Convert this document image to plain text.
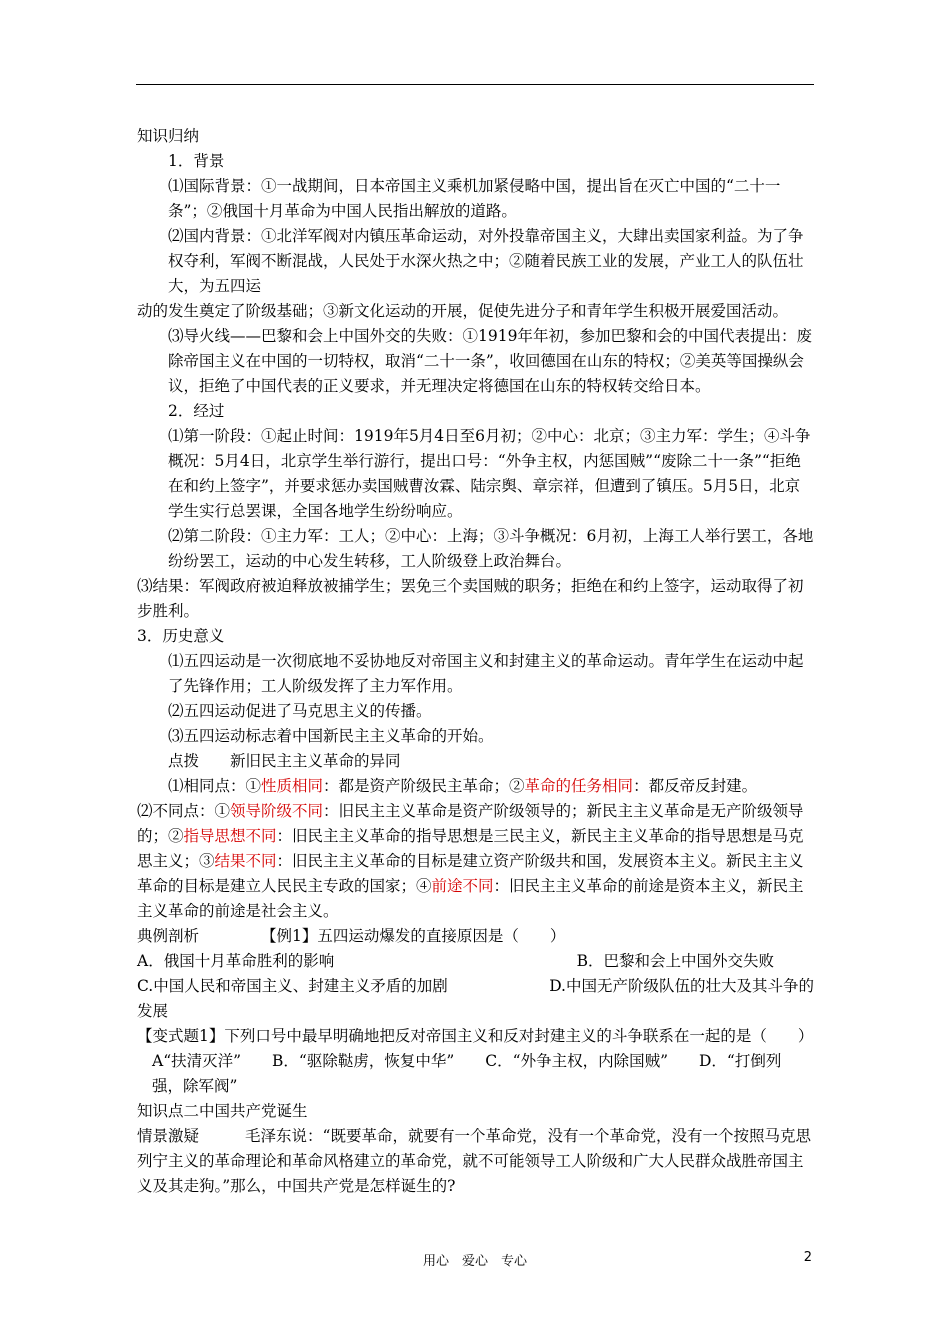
知识归纳

1．背景

⑴国际背景：①一战期间，日本帝国主义乘机加紧侵略中国，提出旨在灭亡中国的“二十一条”；②俄国十月革命为中国人民指出解放的道路。

⑵国内背景：①北洋军阀对内镇压革命运动，对外投靠帝国主义，大肆出卖国家利益。为了争权夺利，军阀不断混战，人民处于水深火热之中；②随着民族工业的发展，产业工人的队伍壮大，为五四运

动的发生奠定了阶级基础；③新文化运动的开展，促使先进分子和青年学生积极开展爱国活动。

⑶导火线——巴黎和会上中国外交的失败：①1919年年初，参加巴黎和会的中国代表提出：废除帝国主义在中国的一切特权，取消“二十一条”，收回德国在山东的特权；②美英等国操纵会议，拒绝了中国代表的正义要求，并无理决定将德国在山东的特权转交给日本。

2．经过

⑴第一阶段：①起止时间：1919年5月4日至6月初；②中心：北京；③主力军：学生；④斗争概况：5月4日，北京学生举行游行，提出口号：“外争主权，内惩国贼”“废除二十一条”“拒绝在和约上签字”，并要求惩办卖国贼曹汝霖、陆宗舆、章宗祥，但遭到了镇压。5月5日，北京学生实行总罢课，全国各地学生纷纷响应。

⑵第二阶段：①主力军：工人；②中心：上海；③斗争概况：6月初，上海工人举行罢工，各地纷纷罢工，运动的中心发生转移，工人阶级登上政治舞台。

⑶结果：军阀政府被迫释放被捕学生；罢免三个卖国贼的职务；拒绝在和约上签字，运动取得了初步胜利。

3．历史意义

⑴五四运动是一次彻底地不妥协地反对帝国主义和封建主义的革命运动。青年学生在运动中起了先锋作用；工人阶级发挥了主力军作用。

⑵五四运动促进了马克思主义的传播。

⑶五四运动标志着中国新民主主义革命的开始。

点拨 新旧民主主义革命的异同

⑴相同点：①性质相同：都是资产阶级民主革命；②革命的任务相同：都反帝反封建。

⑵不同点：①领导阶级不同：旧民主主义革命是资产阶级领导的；新民主主义革命是无产阶级领导的；②指导思想不同：旧民主主义革命的指导思想是三民主义，新民主主义革命的指导思想是马克思主义；③结果不同：旧民主主义革命的目标是建立资产阶级共和国，发展资本主义。新民主主义革命的目标是建立人民民主专政的国家；④前途不同：旧民主主义革命的前途是资本主义，新民主主义革命的前途是社会主义。

典例剖析	【例1】五四运动爆发的直接原因是（　　）

A．俄国十月革命胜利的影响	B．巴黎和会上中国外交失败
C.中国人民和帝国主义、封建主义矛盾的加剧	D.中国无产阶级队伍的壮大及其斗争的

发展

【变式题1】下列口号中最早明确地把反对帝国主义和反对封建主义的斗争联系在一起的是（　　）

A“扶清灭洋”　　B．“驱除鞑虏，恢复中华”　　C．“外争主权，内除国贼”　　D．“打倒列

强，除军阀”

知识点二中国共产党诞生

情景激疑	毛泽东说：“既要革命，就要有一个革命党，没有一个革命党，没有一个按照马克思列宁主义的革命理论和革命风格建立的革命党，就不可能领导工人阶级和广大人民群众战胜帝国主义及其走狗。”那么，中国共产党是怎样诞生的?

用心　爱心　专心	2
